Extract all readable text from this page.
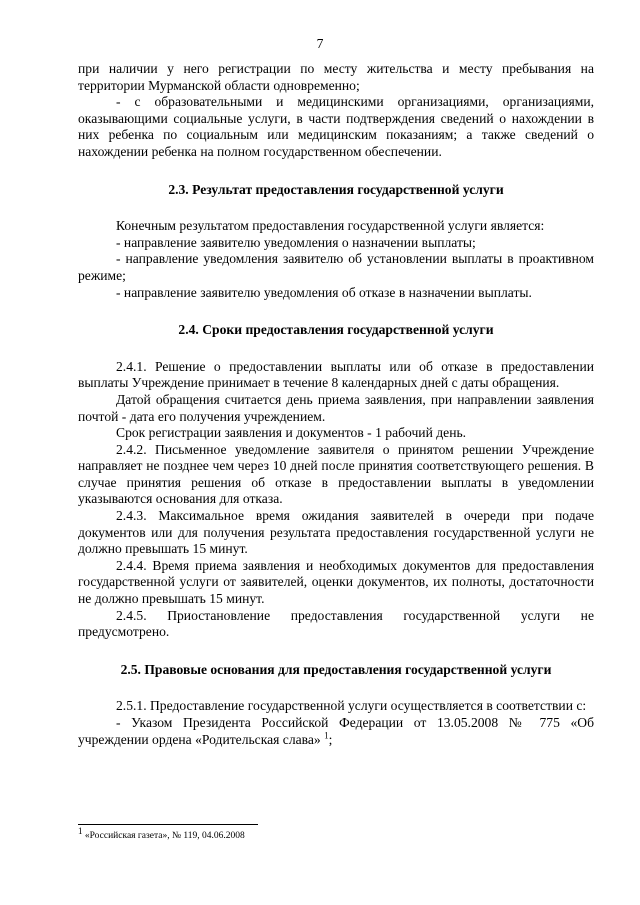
7

при наличии у него регистрации по месту жительства и месту пребывания на территории Мурманской области одновременно;

- с образовательными и медицинскими организациями, организациями, оказывающими социальные услуги, в части подтверждения сведений о нахождении в них ребенка по социальным или медицинским показаниям; а также сведений о нахождении ребенка на полном государственном обеспечении.

2.3. Результат предоставления государственной услуги

Конечным результатом предоставления государственной услуги является:

- направление заявителю уведомления о назначении выплаты;

- направление уведомления заявителю об установлении выплаты в проактивном режиме;

- направление заявителю уведомления об отказе в назначении выплаты.

2.4. Сроки предоставления государственной услуги

2.4.1. Решение о предоставлении выплаты или об отказе в предоставлении выплаты Учреждение принимает в течение 8 календарных дней с даты обращения.

Датой обращения считается день приема заявления, при направлении заявления почтой - дата его получения учреждением.

Срок регистрации заявления и документов - 1 рабочий день.

2.4.2. Письменное уведомление заявителя о принятом решении Учреждение направляет не позднее чем через 10 дней после принятия соответствующего решения. В случае принятия решения об отказе в предоставлении выплаты в уведомлении указываются основания для отказа.

2.4.3. Максимальное время ожидания заявителей в очереди при подаче документов или для получения результата предоставления государственной услуги не должно превышать 15 минут.

2.4.4. Время приема заявления и необходимых документов для предоставления государственной услуги от заявителей, оценки документов, их полноты, достаточности не должно превышать 15 минут.

2.4.5. Приостановление предоставления государственной услуги не предусмотрено.

2.5. Правовые основания для предоставления государственной услуги

2.5.1. Предоставление государственной услуги осуществляется в соответствии с:

- Указом Президента Российской Федерации от 13.05.2008 № 775 «Об учреждении ордена «Родительская слава» $^1$;

$^1$ «Российская газета», № 119, 04.06.2008
